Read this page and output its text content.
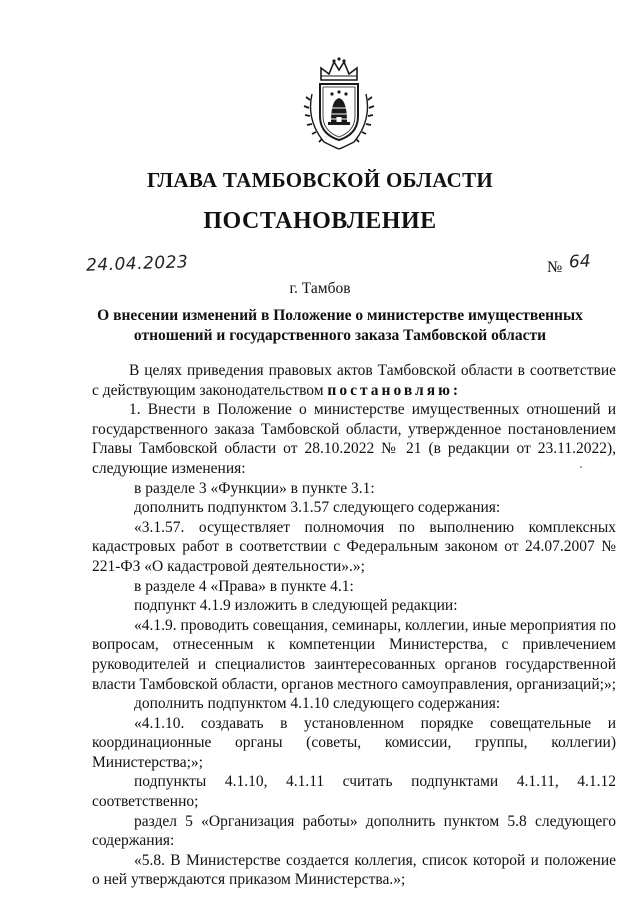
ГЛАВА ТАМБОВСКОЙ ОБЛАСТИ
ПОСТАНОВЛЕНИЕ
24.04.2023	№ 64
г. Тамбов
О внесении изменений в Положение о министерстве имущественных
отношений и государственного заказа Тамбовской области

В целях приведения правовых актов Тамбовской области в соответствие с действующим законодательством постановляю:

1. Внести в Положение о министерстве имущественных отношений и государственного заказа Тамбовской области, утвержденное постановлением Главы Тамбовской области от 28.10.2022 № 21 (в редакции от 23.11.2022), следующие изменения:

в разделе 3 «Функции» в пункте 3.1:

дополнить подпунктом 3.1.57 следующего содержания:

«3.1.57. осуществляет полномочия по выполнению комплексных кадастровых работ в соответствии с Федеральным законом от 24.07.2007 № 221-ФЗ «О кадастровой деятельности».»;

в разделе 4 «Права» в пункте 4.1:

подпункт 4.1.9 изложить в следующей редакции:

«4.1.9. проводить совещания, семинары, коллегии, иные мероприятия по вопросам, отнесенным к компетенции Министерства, с привлечением руководителей и специалистов заинтересованных органов государственной власти Тамбовской области, органов местного самоуправления, организаций;»;

дополнить подпунктом 4.1.10 следующего содержания:

«4.1.10. создавать в установленном порядке совещательные и координационные органы (советы, комиссии, группы, коллегии) Министерства;»;

подпункты 4.1.10, 4.1.11 считать подпунктами 4.1.11, 4.1.12 соответственно;

раздел 5 «Организация работы» дополнить пунктом 5.8 следующего содержания:

«5.8. В Министерстве создается коллегия, список которой и положение о ней утверждаются приказом Министерства.»;
